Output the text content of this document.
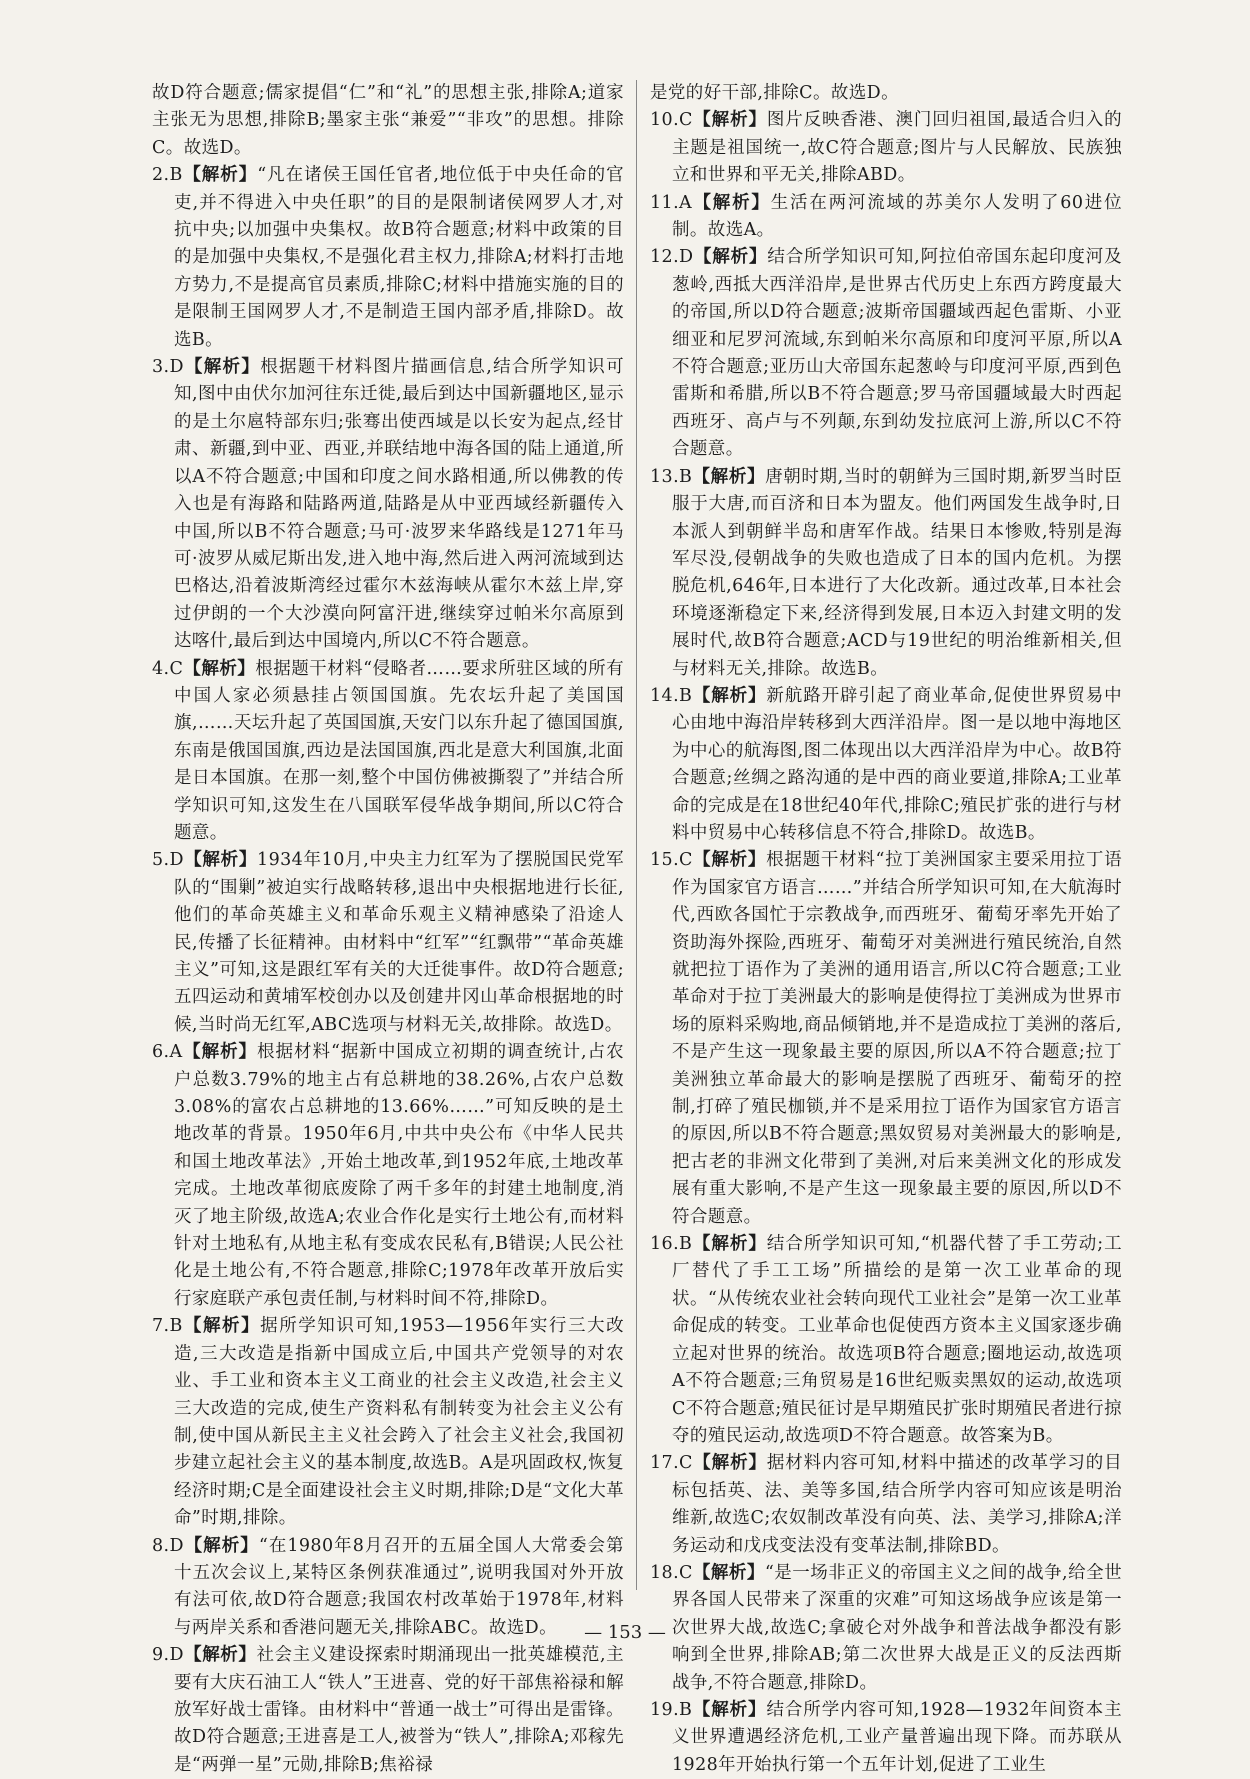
故D符合题意;儒家提倡“仁”和“礼”的思想主张,排除A;道家主张无为思想,排除B;墨家主张“兼爱”“非攻”的思想。排除C。故选D。

2.B【解析】“凡在诸侯王国任官者,地位低于中央任命的官吏,并不得进入中央任职”的目的是限制诸侯网罗人才,对抗中央;以加强中央集权。故B符合题意;材料中政策的目的是加强中央集权,不是强化君主权力,排除A;材料打击地方势力,不是提高官员素质,排除C;材料中措施实施的目的是限制王国网罗人才,不是制造王国内部矛盾,排除D。故选B。

3.D【解析】根据题干材料图片描画信息,结合所学知识可知,图中由伏尔加河往东迁徙,最后到达中国新疆地区,显示的是土尔扈特部东归;张骞出使西域是以长安为起点,经甘肃、新疆,到中亚、西亚,并联结地中海各国的陆上通道,所以A不符合题意;中国和印度之间水路相通,所以佛教的传入也是有海路和陆路两道,陆路是从中亚西域经新疆传入中国,所以B不符合题意;马可·波罗来华路线是1271年马可·波罗从威尼斯出发,进入地中海,然后进入两河流域到达巴格达,沿着波斯湾经过霍尔木兹海峡从霍尔木兹上岸,穿过伊朗的一个大沙漠向阿富汗进,继续穿过帕米尔高原到达喀什,最后到达中国境内,所以C不符合题意。

4.C【解析】根据题干材料“侵略者……要求所驻区域的所有中国人家必须悬挂占领国国旗。先农坛升起了美国国旗,……天坛升起了英国国旗,天安门以东升起了德国国旗,东南是俄国国旗,西边是法国国旗,西北是意大利国旗,北面是日本国旗。在那一刻,整个中国仿佛被撕裂了”并结合所学知识可知,这发生在八国联军侵华战争期间,所以C符合题意。

5.D【解析】1934年10月,中央主力红军为了摆脱国民党军队的“围剿”被迫实行战略转移,退出中央根据地进行长征,他们的革命英雄主义和革命乐观主义精神感染了沿途人民,传播了长征精神。由材料中“红军”“红飘带”“革命英雄主义”可知,这是跟红军有关的大迁徙事件。故D符合题意;五四运动和黄埔军校创办以及创建井冈山革命根据地的时候,当时尚无红军,ABC选项与材料无关,故排除。故选D。

6.A【解析】根据材料“据新中国成立初期的调查统计,占农户总数3.79%的地主占有总耕地的38.26%,占农户总数3.08%的富农占总耕地的13.66%……”可知反映的是土地改革的背景。1950年6月,中共中央公布《中华人民共和国土地改革法》,开始土地改革,到1952年底,土地改革完成。土地改革彻底废除了两千多年的封建土地制度,消灭了地主阶级,故选A;农业合作化是实行土地公有,而材料针对土地私有,从地主私有变成农民私有,B错误;人民公社化是土地公有,不符合题意,排除C;1978年改革开放后实行家庭联产承包责任制,与材料时间不符,排除D。

7.B【解析】据所学知识可知,1953—1956年实行三大改造,三大改造是指新中国成立后,中国共产党领导的对农业、手工业和资本主义工商业的社会主义改造,社会主义三大改造的完成,使生产资料私有制转变为社会主义公有制,使中国从新民主主义社会跨入了社会主义社会,我国初步建立起社会主义的基本制度,故选B。A是巩固政权,恢复经济时期;C是全面建设社会主义时期,排除;D是“文化大革命”时期,排除。

8.D【解析】“在1980年8月召开的五届全国人大常委会第十五次会议上,某特区条例获准通过”,说明我国对外开放有法可依,故D符合题意;我国农村改革始于1978年,材料与两岸关系和香港问题无关,排除ABC。故选D。

9.D【解析】社会主义建设探索时期涌现出一批英雄模范,主要有大庆石油工人“铁人”王进喜、党的好干部焦裕禄和解放军好战士雷锋。由材料中“普通一战士”可得出是雷锋。故D符合题意;王进喜是工人,被誉为“铁人”,排除A;邓稼先是“两弹一星”元勋,排除B;焦裕禄

是党的好干部,排除C。故选D。

10.C【解析】图片反映香港、澳门回归祖国,最适合归入的主题是祖国统一,故C符合题意;图片与人民解放、民族独立和世界和平无关,排除ABD。

11.A【解析】生活在两河流域的苏美尔人发明了60进位制。故选A。

12.D【解析】结合所学知识可知,阿拉伯帝国东起印度河及葱岭,西抵大西洋沿岸,是世界古代历史上东西方跨度最大的帝国,所以D符合题意;波斯帝国疆域西起色雷斯、小亚细亚和尼罗河流域,东到帕米尔高原和印度河平原,所以A不符合题意;亚历山大帝国东起葱岭与印度河平原,西到色雷斯和希腊,所以B不符合题意;罗马帝国疆域最大时西起西班牙、高卢与不列颠,东到幼发拉底河上游,所以C不符合题意。

13.B【解析】唐朝时期,当时的朝鲜为三国时期,新罗当时臣服于大唐,而百济和日本为盟友。他们两国发生战争时,日本派人到朝鲜半岛和唐军作战。结果日本惨败,特别是海军尽没,侵朝战争的失败也造成了日本的国内危机。为摆脱危机,646年,日本进行了大化改新。通过改革,日本社会环境逐渐稳定下来,经济得到发展,日本迈入封建文明的发展时代,故B符合题意;ACD与19世纪的明治维新相关,但与材料无关,排除。故选B。

14.B【解析】新航路开辟引起了商业革命,促使世界贸易中心由地中海沿岸转移到大西洋沿岸。图一是以地中海地区为中心的航海图,图二体现出以大西洋沿岸为中心。故B符合题意;丝绸之路沟通的是中西的商业要道,排除A;工业革命的完成是在18世纪40年代,排除C;殖民扩张的进行与材料中贸易中心转移信息不符合,排除D。故选B。

15.C【解析】根据题干材料“拉丁美洲国家主要采用拉丁语作为国家官方语言……”并结合所学知识可知,在大航海时代,西欧各国忙于宗教战争,而西班牙、葡萄牙率先开始了资助海外探险,西班牙、葡萄牙对美洲进行殖民统治,自然就把拉丁语作为了美洲的通用语言,所以C符合题意;工业革命对于拉丁美洲最大的影响是使得拉丁美洲成为世界市场的原料采购地,商品倾销地,并不是造成拉丁美洲的落后,不是产生这一现象最主要的原因,所以A不符合题意;拉丁美洲独立革命最大的影响是摆脱了西班牙、葡萄牙的控制,打碎了殖民枷锁,并不是采用拉丁语作为国家官方语言的原因,所以B不符合题意;黑奴贸易对美洲最大的影响是,把古老的非洲文化带到了美洲,对后来美洲文化的形成发展有重大影响,不是产生这一现象最主要的原因,所以D不符合题意。

16.B【解析】结合所学知识可知,“机器代替了手工劳动;工厂替代了手工工场”所描绘的是第一次工业革命的现状。“从传统农业社会转向现代工业社会”是第一次工业革命促成的转变。工业革命也促使西方资本主义国家逐步确立起对世界的统治。故选项B符合题意;圈地运动,故选项A不符合题意;三角贸易是16世纪贩卖黑奴的运动,故选项C不符合题意;殖民征讨是早期殖民扩张时期殖民者进行掠夺的殖民运动,故选项D不符合题意。故答案为B。

17.C【解析】据材料内容可知,材料中描述的改革学习的目标包括英、法、美等多国,结合所学内容可知应该是明治维新,故选C;农奴制改革没有向英、法、美学习,排除A;洋务运动和戊戌变法没有变革法制,排除BD。

18.C【解析】“是一场非正义的帝国主义之间的战争,给全世界各国人民带来了深重的灾难”可知这场战争应该是第一次世界大战,故选C;拿破仑对外战争和普法战争都没有影响到全世界,排除AB;第二次世界大战是正义的反法西斯战争,不符合题意,排除D。

19.B【解析】结合所学内容可知,1928—1932年间资本主义世界遭遇经济危机,工业产量普遍出现下降。而苏联从1928年开始执行第一个五年计划,促进了工业生

— 153 —
